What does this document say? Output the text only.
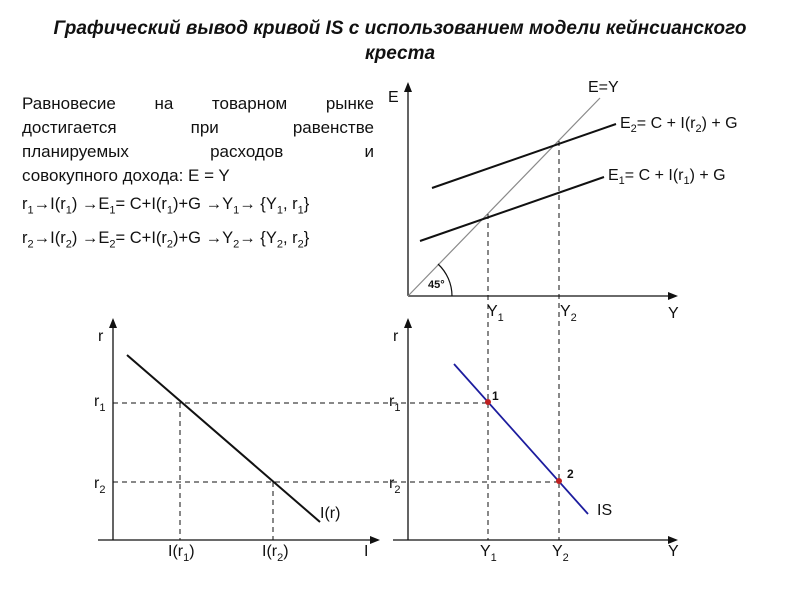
Графический вывод кривой IS с использованием модели кейнсианского креста
Равновесие на товарном рынке
достигается при равенстве
планируемых расходов и
совокупного дохода: E = Y
$r_1\to I(r_1) \to E_1= C+I(r_1)+G \to Y_1\to \{Y_1$, $r_1$}
$r_2\to I(r_2) \to E_2= C+I(r_2)+G \to Y_2\to \{Y_2$, $r_2$}
45°
E
Y
E=Y
$E_2= C + I(r_2) + G$
$E_1= C + I(r_1) + G$
$Y_1$	$Y_2$
r
I
$r_1$
$r_2$
$I(r_1)$	$I(r_2)$
I(r)
1
2
r
Y
$r_1$
$r_2$
$Y_1$	$Y_2$
IS
